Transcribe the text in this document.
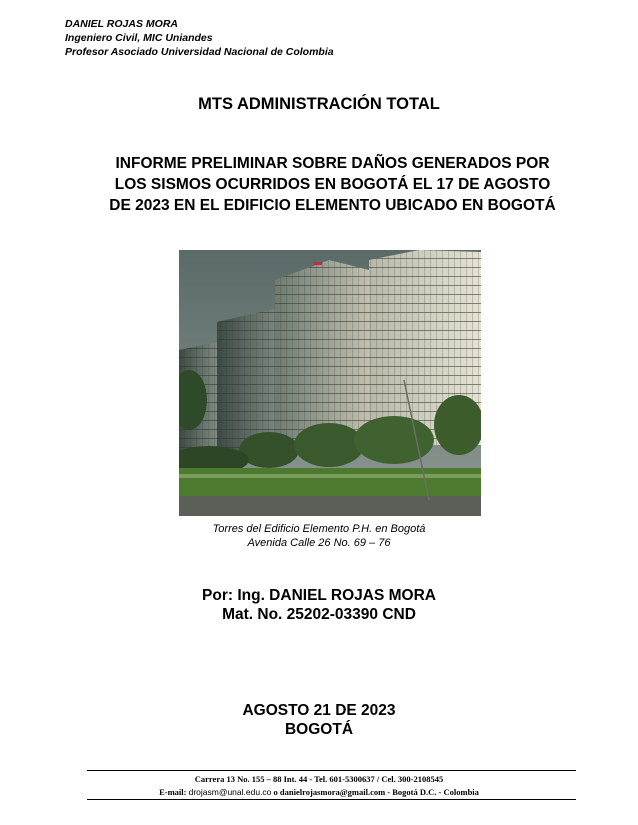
DANIEL ROJAS MORA
Ingeniero Civil, MIC Uniandes
Profesor Asociado Universidad Nacional de Colombia
MTS ADMINISTRACIÓN TOTAL
INFORME PRELIMINAR SOBRE DAÑOS GENERADOS POR
LOS SISMOS OCURRIDOS EN BOGOTÁ EL 17 DE AGOSTO
DE 2023 EN EL EDIFICIO ELEMENTO UBICADO EN BOGOTÁ
Torres del Edificio Elemento P.H. en Bogotá
Avenida Calle 26 No. 69 – 76
Por: Ing. DANIEL ROJAS MORA
Mat. No. 25202-03390 CND
AGOSTO 21 DE 2023
BOGOTÁ
Carrera 13 No. 155 – 88 Int. 44 - Tel. 601-5300637 / Cel. 300-2108545
E-mail: drojasm@unal.edu.co o danielrojasmora@gmail.com - Bogotá D.C. - Colombia
